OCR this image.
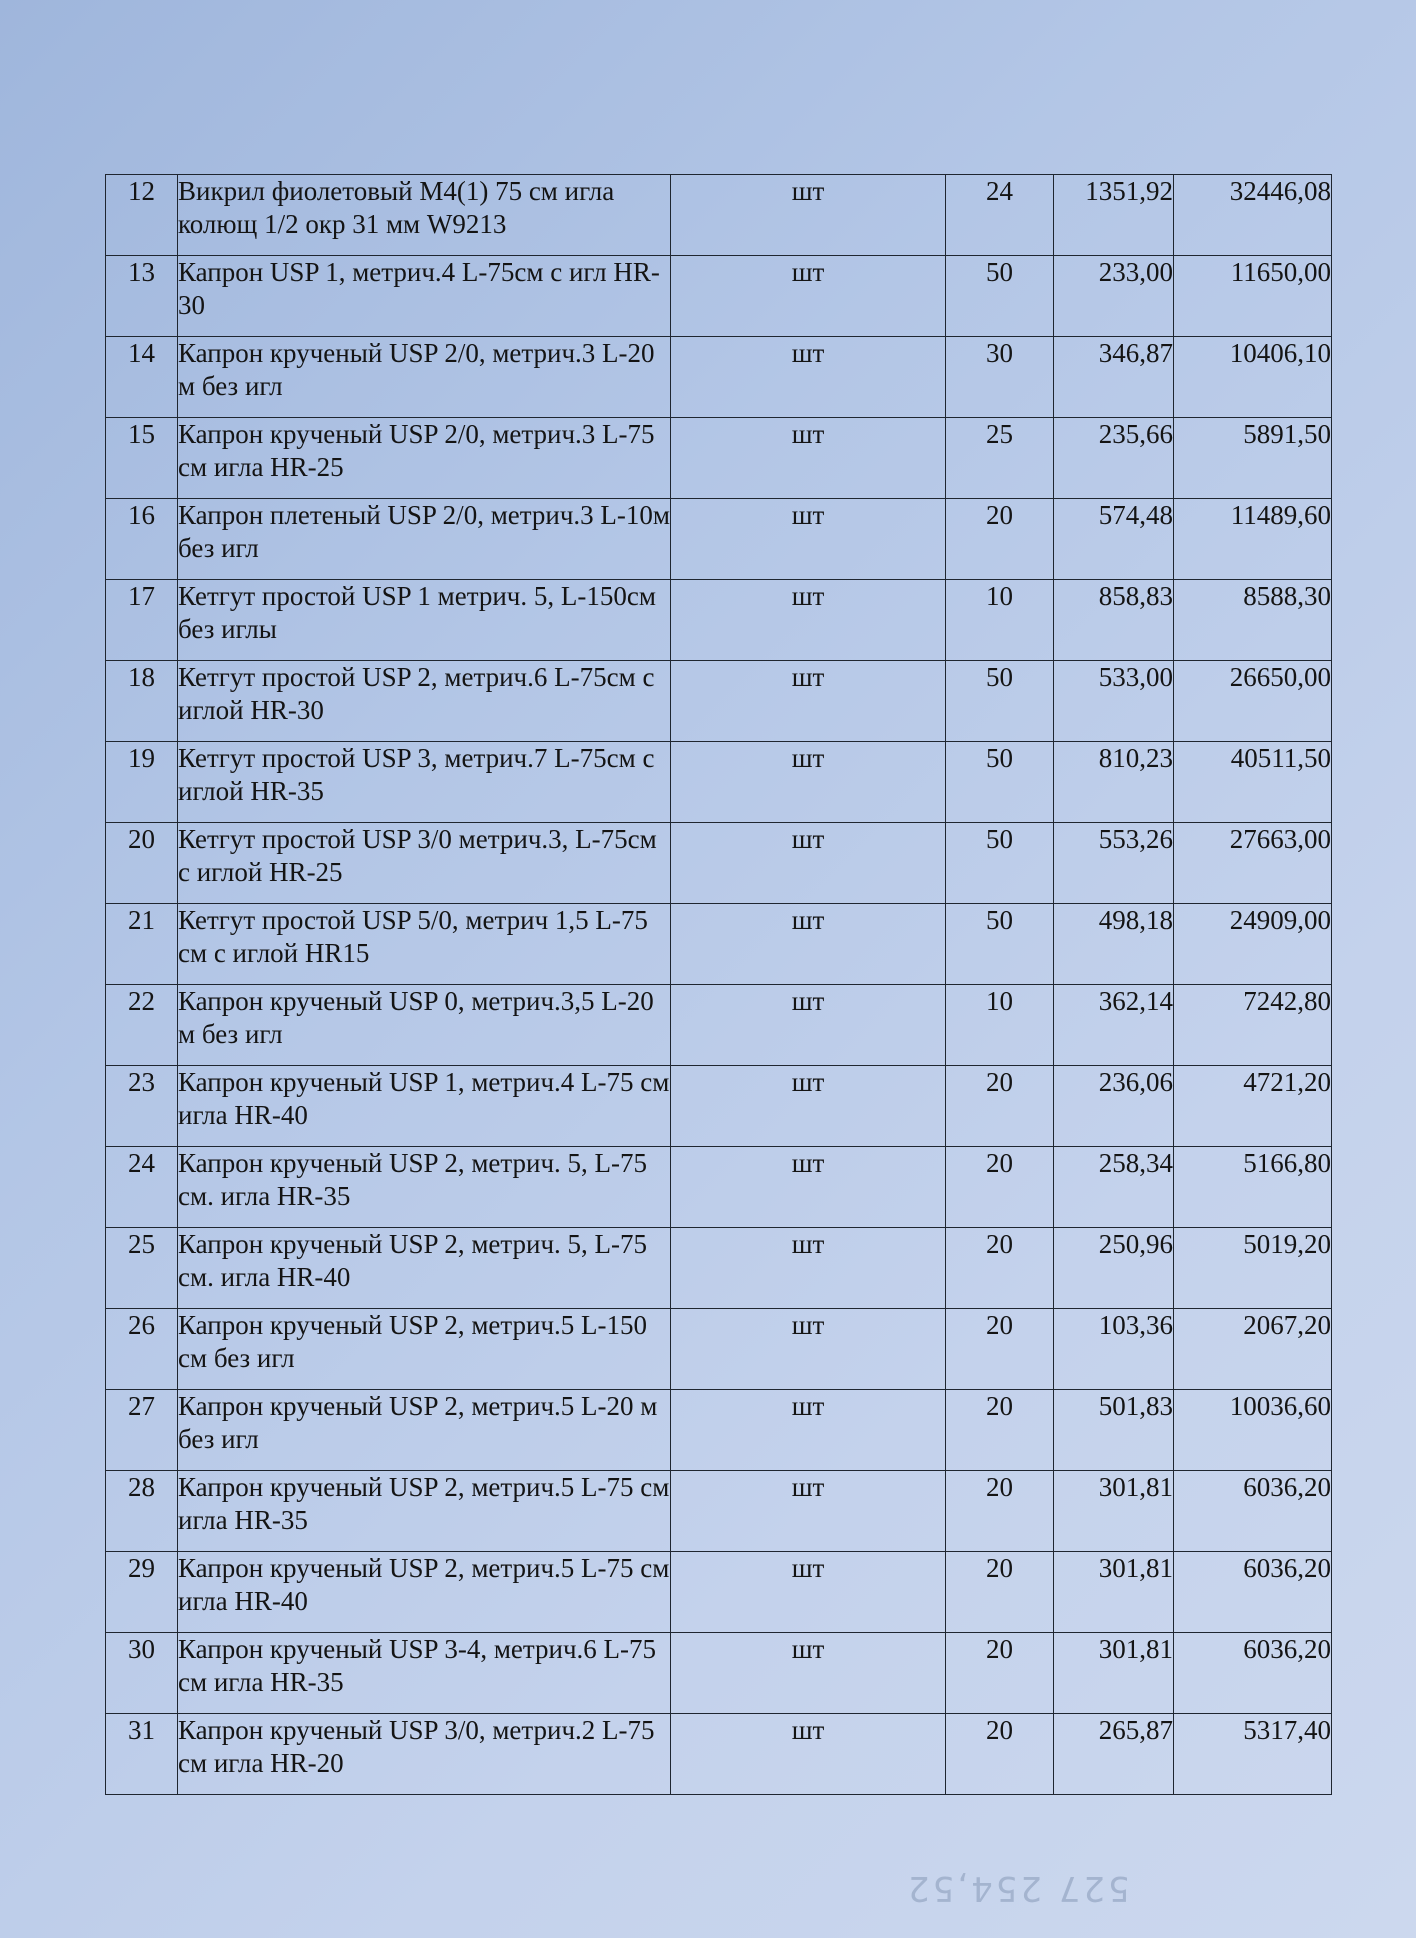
12	Викрил фиолетовый М4(1) 75 см игла колющ 1/2 окр 31 мм W9213	шт	24	1351,92	32446,08
13	Капрон USP 1, метрич.4 L-75см с игл HR-30	шт	50	233,00	11650,00
14	Капрон крученый USP 2/0, метрич.3 L-20 м без игл	шт	30	346,87	10406,10
15	Капрон крученый USP 2/0, метрич.3 L-75 см игла HR-25	шт	25	235,66	5891,50
16	Капрон плетеный USP 2/0, метрич.3 L-10м без игл	шт	20	574,48	11489,60
17	Кетгут простой USP 1 метрич. 5, L-150см без иглы	шт	10	858,83	8588,30
18	Кетгут простой USP 2, метрич.6 L-75см с иглой HR-30	шт	50	533,00	26650,00
19	Кетгут простой USP 3, метрич.7 L-75см с иглой HR-35	шт	50	810,23	40511,50
20	Кетгут простой USP 3/0 метрич.3, L-75см с иглой HR-25	шт	50	553,26	27663,00
21	Кетгут простой USP 5/0, метрич 1,5 L-75 см с иглой HR15	шт	50	498,18	24909,00
22	Капрон крученый USP 0, метрич.3,5 L-20 м без игл	шт	10	362,14	7242,80
23	Капрон крученый USP 1, метрич.4 L-75 см игла HR-40	шт	20	236,06	4721,20
24	Капрон крученый USP 2, метрич. 5, L-75 см. игла HR-35	шт	20	258,34	5166,80
25	Капрон крученый USP 2, метрич. 5, L-75 см. игла HR-40	шт	20	250,96	5019,20
26	Капрон крученый USP 2, метрич.5 L-150 см без игл	шт	20	103,36	2067,20
27	Капрон крученый USP 2, метрич.5 L-20 м без игл	шт	20	501,83	10036,60
28	Капрон крученый USP 2, метрич.5 L-75 см игла HR-35	шт	20	301,81	6036,20
29	Капрон крученый USP 2, метрич.5 L-75 см игла HR-40	шт	20	301,81	6036,20
30	Капрон крученый USP 3-4, метрич.6 L-75 см игла HR-35	шт	20	301,81	6036,20
31	Капрон крученый USP 3/0, метрич.2 L-75 см игла HR-20	шт	20	265,87	5317,40
527 254,52
